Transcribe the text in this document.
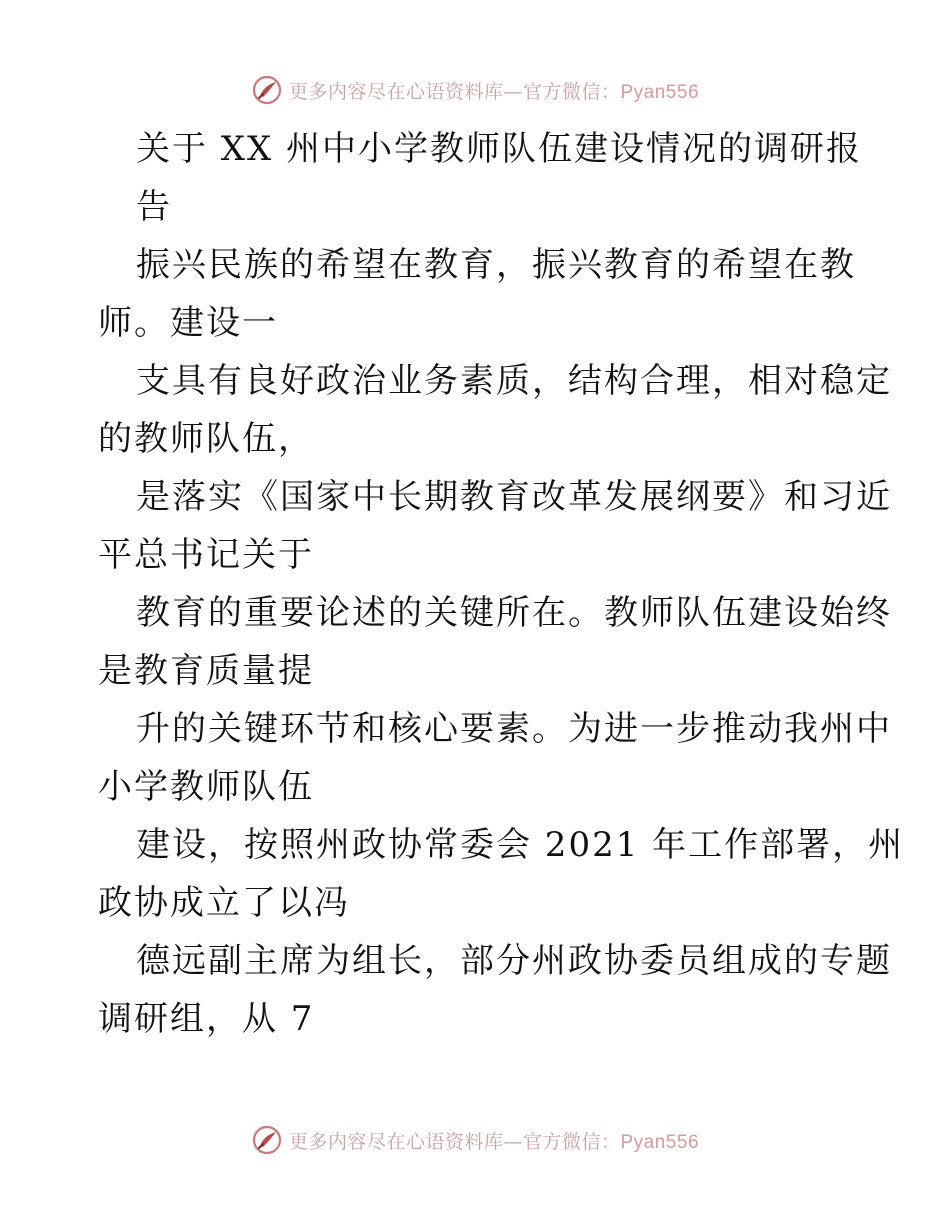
更多内容尽在心语资料库—官方微信：Pyan556
关于 XX 州中小学教师队伍建设情况的调研报
告
振兴民族的希望在教育，振兴教育的希望在教
师。建设一
支具有良好政治业务素质，结构合理，相对稳定
的教师队伍，
是落实《国家中长期教育改革发展纲要》和习近
平总书记关于
教育的重要论述的关键所在。教师队伍建设始终
是教育质量提
升的关键环节和核心要素。为进一步推动我州中
小学教师队伍
建设，按照州政协常委会 2021 年工作部署，州
政协成立了以冯
德远副主席为组长，部分州政协委员组成的专题
调研组，从 7
更多内容尽在心语资料库—官方微信：Pyan556
